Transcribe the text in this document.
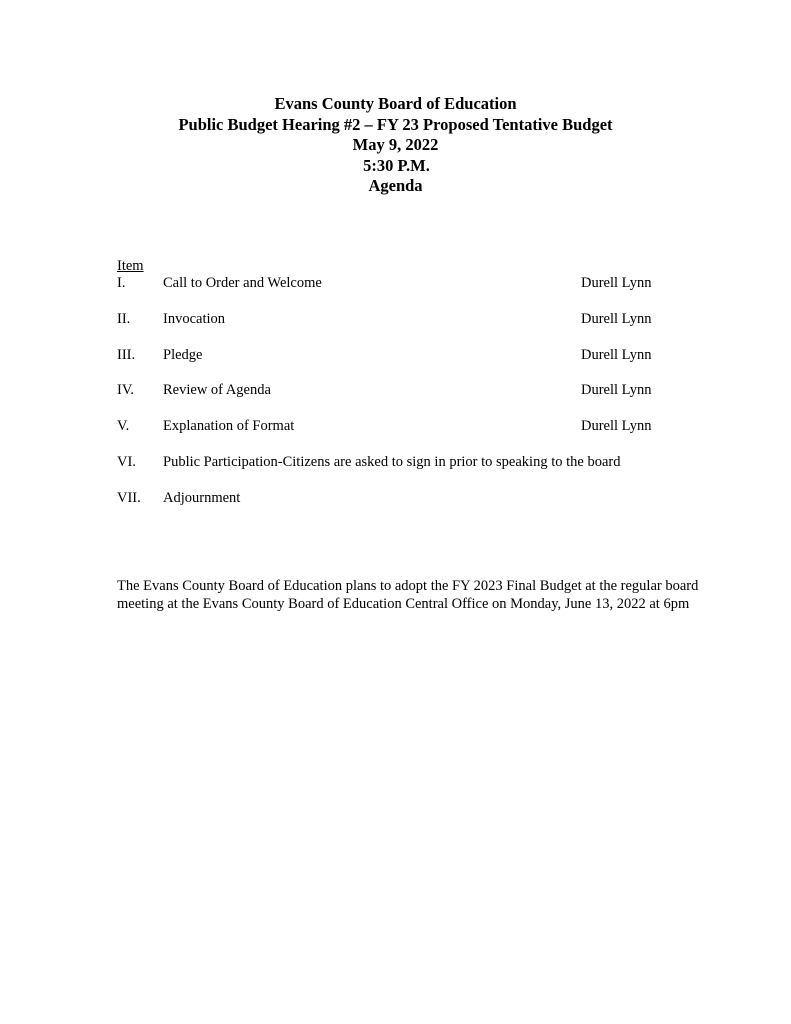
Evans County Board of Education
Public Budget Hearing #2 – FY 23 Proposed Tentative Budget
May 9, 2022
5:30 P.M.
Agenda
Item
I.	Call to Order and Welcome	Durell Lynn
II. Invocation	Durell Lynn
III. Pledge	Durell Lynn
IV. Review of Agenda	Durell Lynn
V. Explanation of Format	Durell Lynn
VI. Public Participation-Citizens are asked to sign in prior to speaking to the board
VII. Adjournment
The Evans County Board of Education plans to adopt the FY 2023 Final Budget at the regular board
meeting at the Evans County Board of Education Central Office on Monday, June 13, 2022 at 6pm
